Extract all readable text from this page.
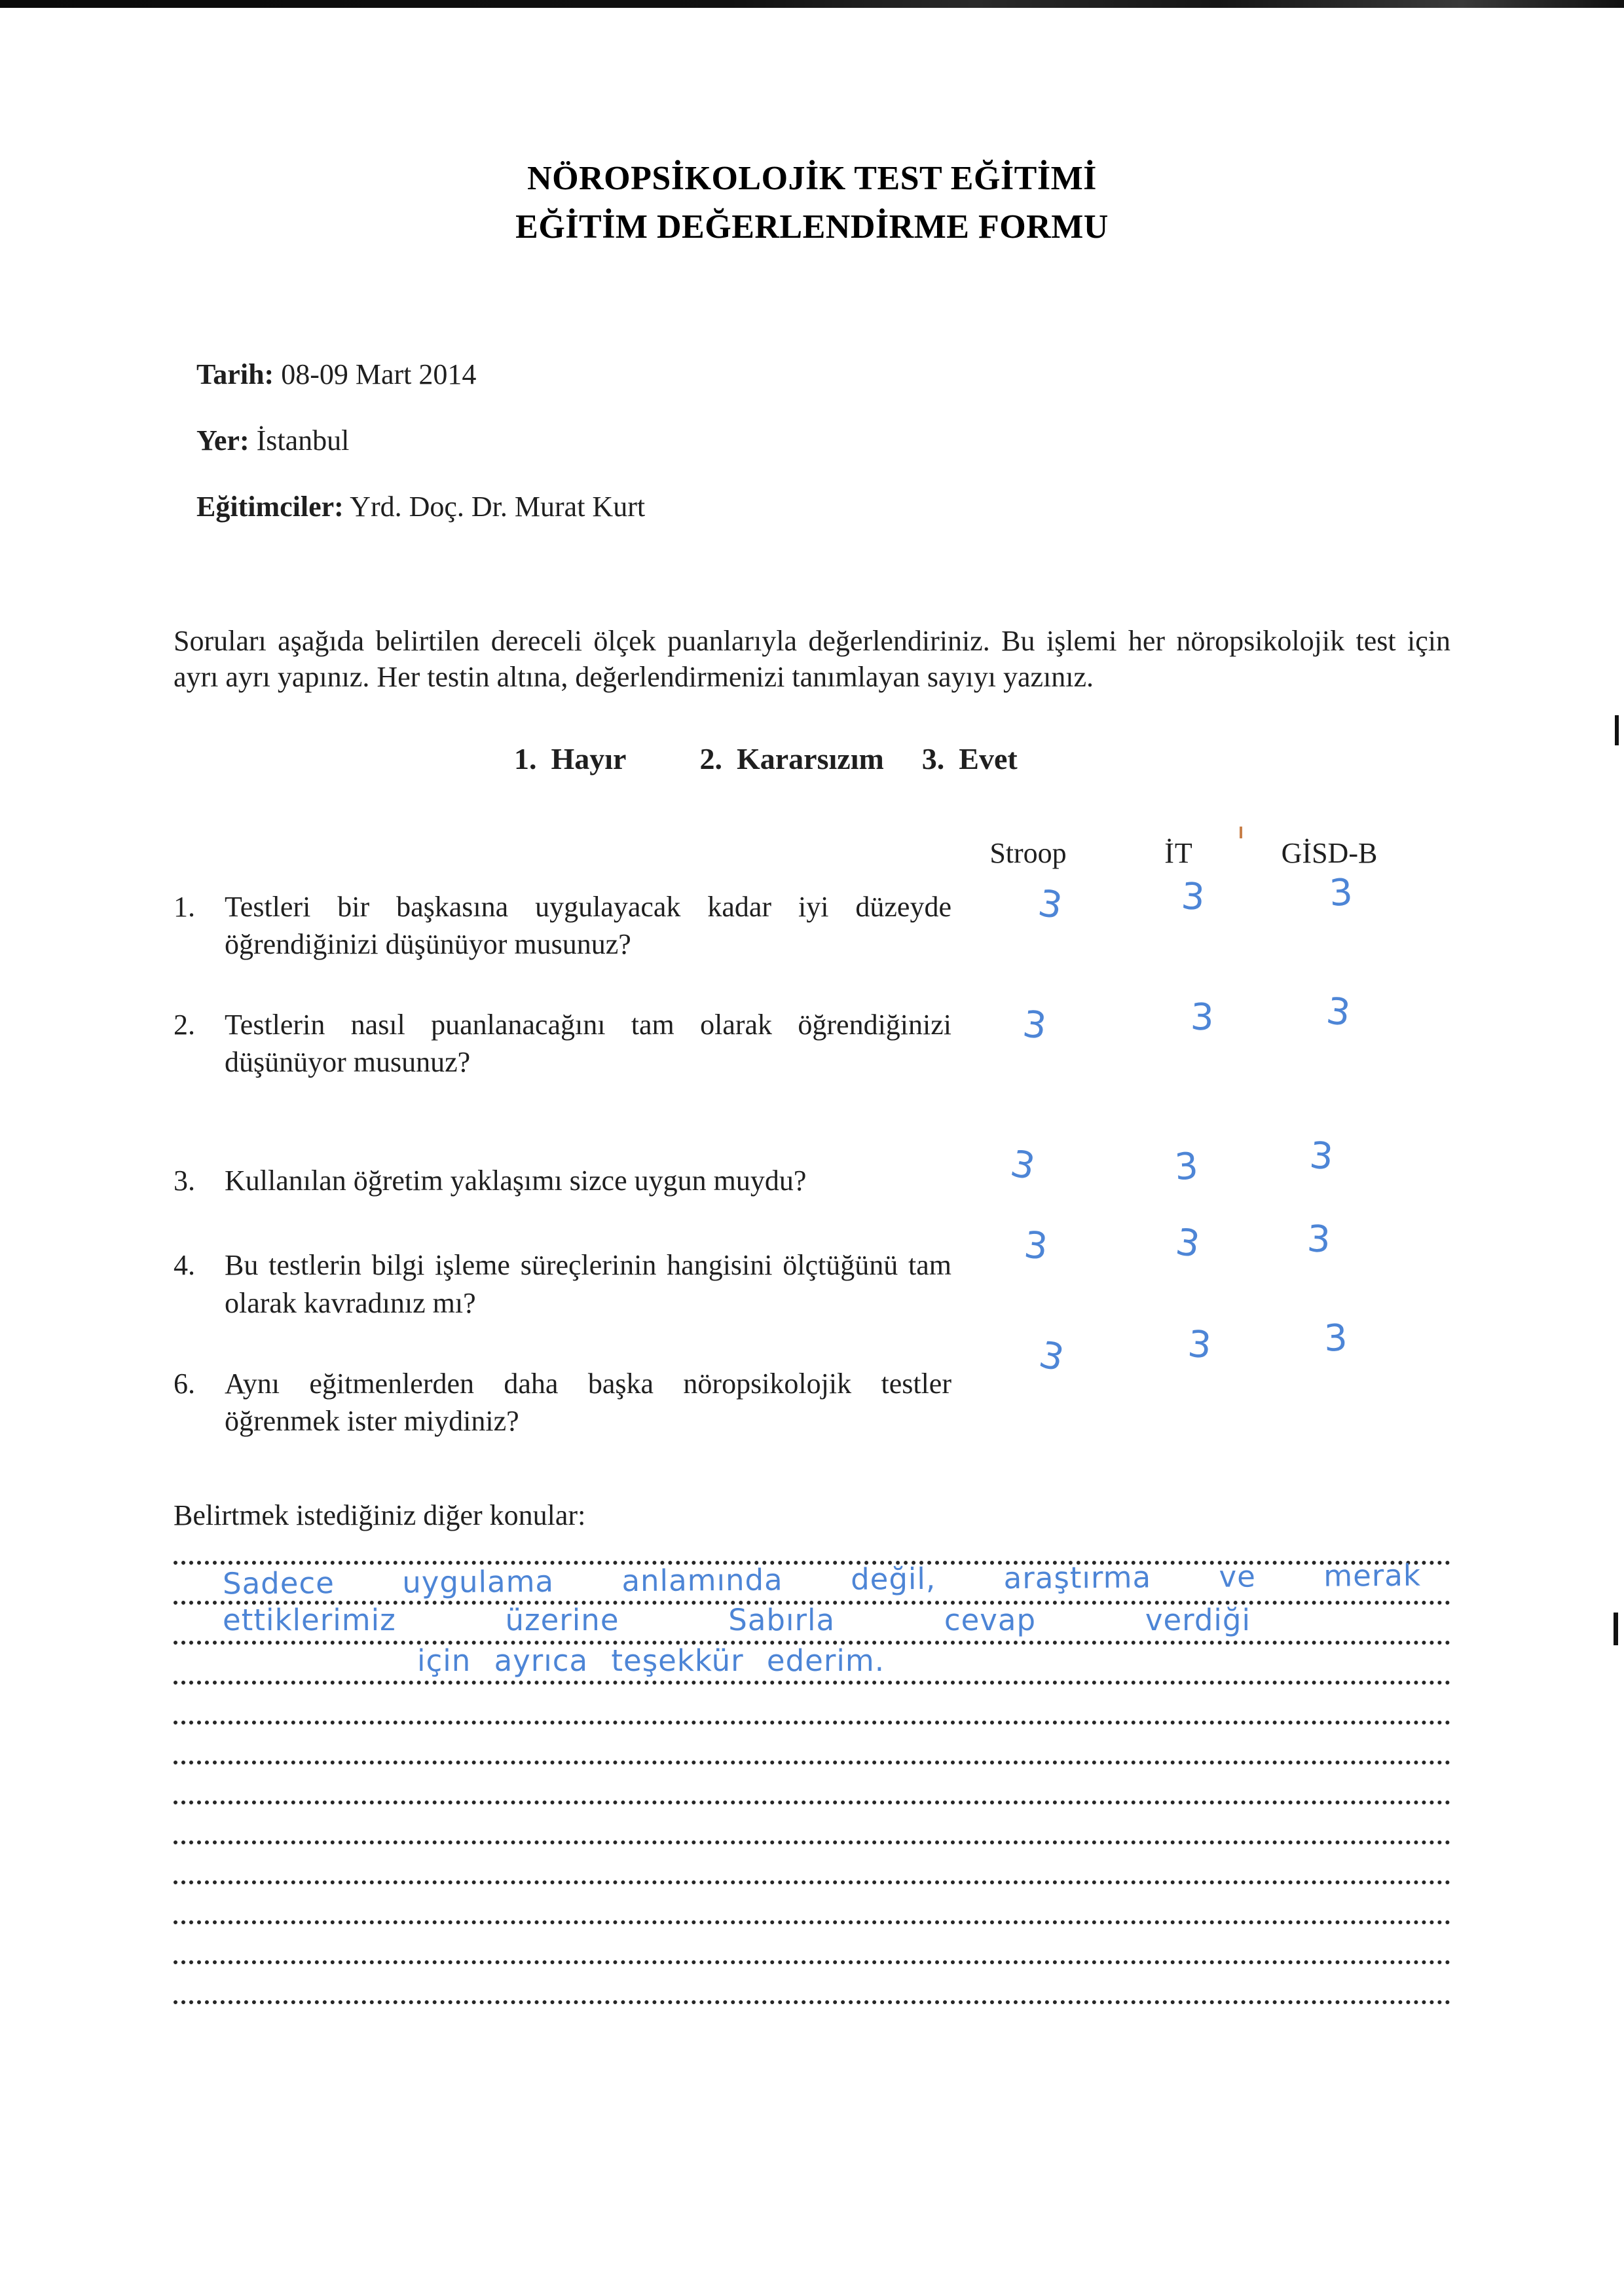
NÖROPSİKOLOJİK TEST EĞİTİMİ
EĞİTİM DEĞERLENDİRME FORMU
Tarih: 08-09 Mart 2014
Yer: İstanbul
Eğitimciler: Yrd. Doç. Dr. Murat Kurt

Soruları aşağıda belirtilen dereceli ölçek puanlarıyla değerlendiriniz. Bu işlemi her nöropsikolojik test için ayrı ayrı yapınız. Her testin altına, değerlendirmenizi tanımlayan sayıyı yazınız.

1. Hayır 2. Kararsızım 3. Evet
Stroop	İT	GİSD-B
1.	Testleri bir başkasına uygulayacak kadar iyi düzeyde öğrendiğinizi düşünüyor musunuz?
3	3	3
2.	Testlerin nasıl puanlanacağını tam olarak öğrendiğinizi düşünüyor musunuz?
3	3	3
3.	Kullanılan öğretim yaklaşımı sizce uygun muydu?	3	3	3
4.	Bu testlerin bilgi işleme süreçlerinin hangisini ölçtüğünü tam olarak kavradınız mı?
3	3	3
6.	Aynı eğitmenlerden daha başka nöropsikolojik testler öğrenmek ister miydiniz?
3	3	3
Belirtmek istediğiniz diğer konular:
Sadece uygulama anlamında değil, araştırma ve merak
ettiklerimiz üzerine Sabırla cevap verdiği
için ayrıca teşekkür ederim.
